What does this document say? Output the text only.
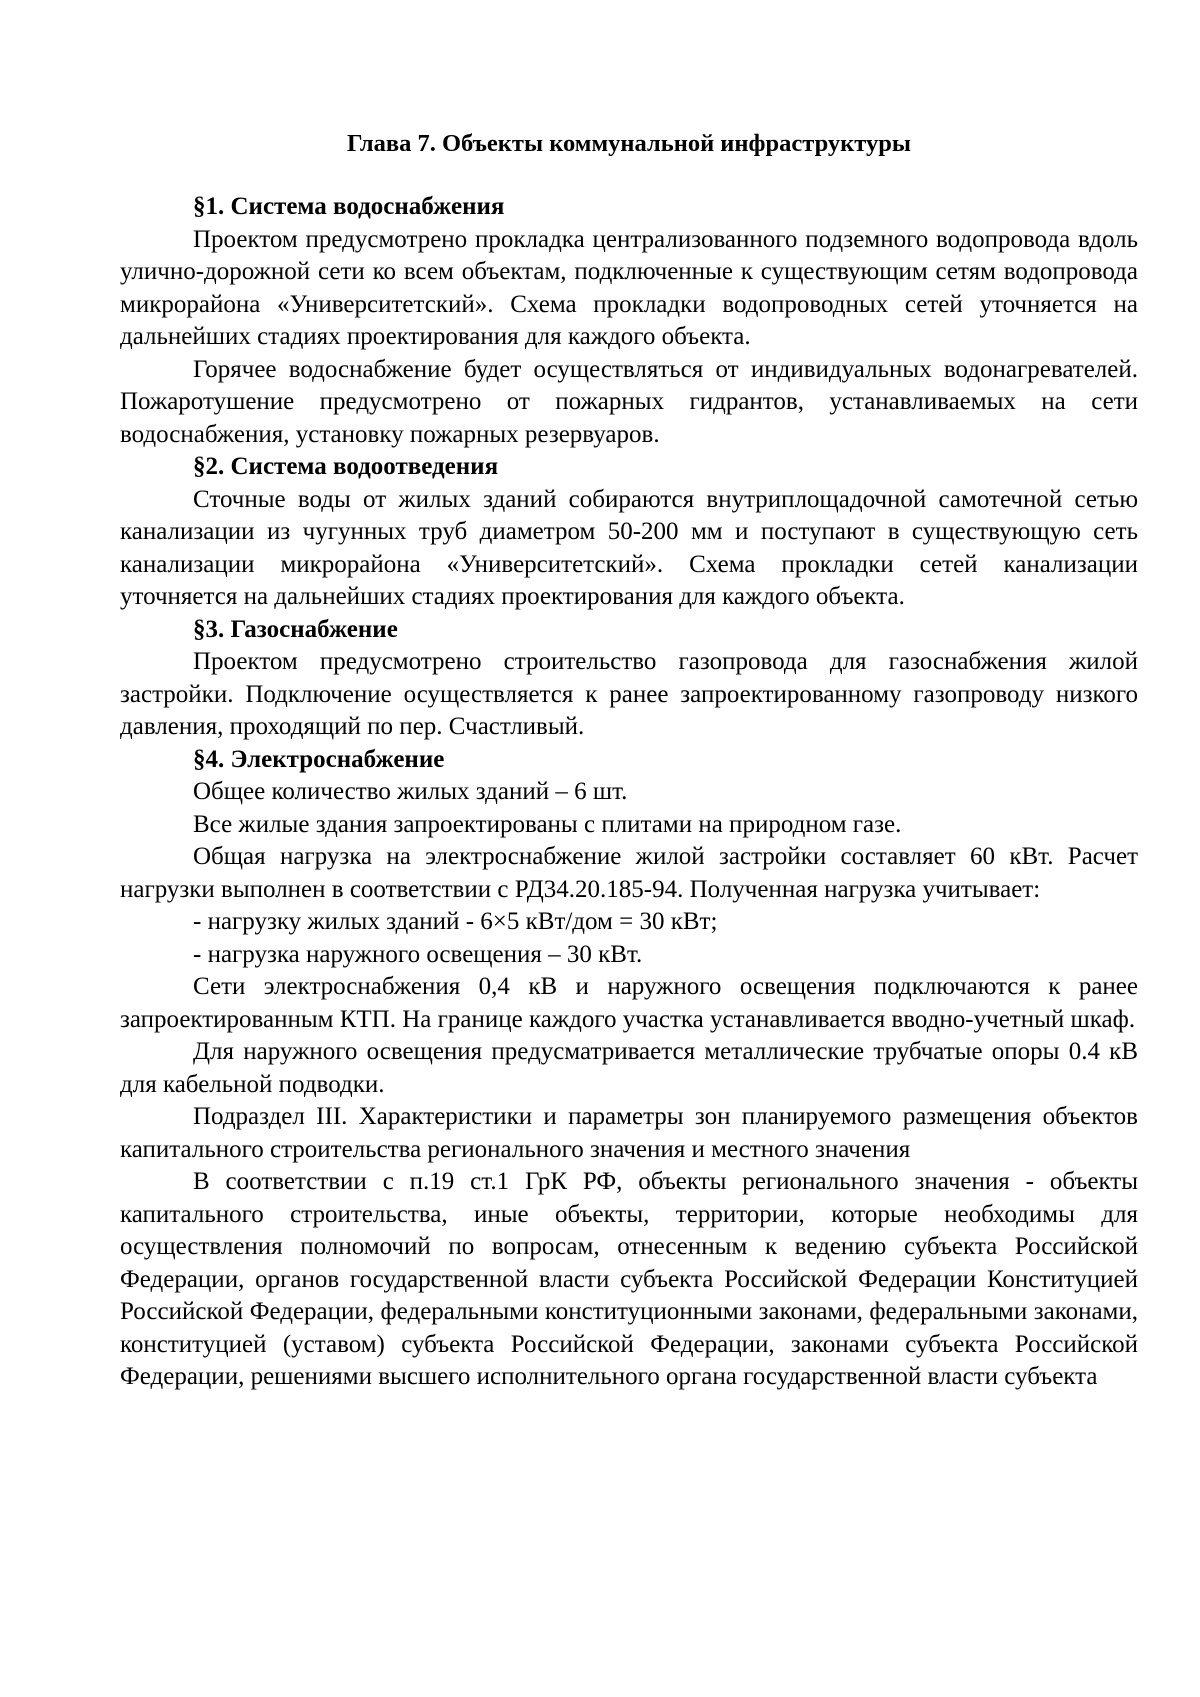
Глава 7. Объекты коммунальной инфраструктуры
§1. Система водоснабжения

Проектом предусмотрено прокладка централизованного подземного водопровода вдоль улично-дорожной сети ко всем объектам, подключенные к существующим сетям водопровода микрорайона «Университетский». Схема прокладки водопроводных сетей уточняется на дальнейших стадиях проектирования для каждого объекта.

Горячее водоснабжение будет осуществляться от индивидуальных водонагревателей. Пожаротушение предусмотрено от пожарных гидрантов, устанавливаемых на сети водоснабжения, установку пожарных резервуаров.

§2. Система водоотведения

Сточные воды от жилых зданий собираются внутриплощадочной самотечной сетью канализации из чугунных труб диаметром 50-200 мм и поступают в существующую сеть канализации микрорайона «Университетский». Схема прокладки сетей канализации уточняется на дальнейших стадиях проектирования для каждого объекта.

§3. Газоснабжение

Проектом предусмотрено строительство газопровода для газоснабжения жилой застройки. Подключение осуществляется к ранее запроектированному газопроводу низкого давления, проходящий по пер. Счастливый.

§4. Электроснабжение

Общее количество жилых зданий – 6 шт.

Все жилые здания запроектированы с плитами на природном газе.

Общая нагрузка на электроснабжение жилой застройки составляет 60 кВт. Расчет нагрузки выполнен в соответствии с РД34.20.185-94. Полученная нагрузка учитывает:

- нагрузку жилых зданий - 6×5 кВт/дом = 30 кВт;

- нагрузка наружного освещения – 30 кВт.

Сети электроснабжения 0,4 кВ и наружного освещения подключаются к ранее запроектированным КТП. На границе каждого участка устанавливается вводно-учетный шкаф.

Для наружного освещения предусматривается металлические трубчатые опоры 0.4 кВ для кабельной подводки.

Подраздел III. Характеристики и параметры зон планируемого размещения объектов капитального строительства регионального значения и местного значения

В соответствии с п.19 ст.1 ГрК РФ, объекты регионального значения - объекты капитального строительства, иные объекты, территории, которые необходимы для осуществления полномочий по вопросам, отнесенным к ведению субъекта Российской Федерации, органов государственной власти субъекта Российской Федерации Конституцией Российской Федерации, федеральными конституционными законами, федеральными законами, конституцией (уставом) субъекта Российской Федерации, законами субъекта Российской Федерации, решениями высшего исполнительного органа государственной власти субъекта
